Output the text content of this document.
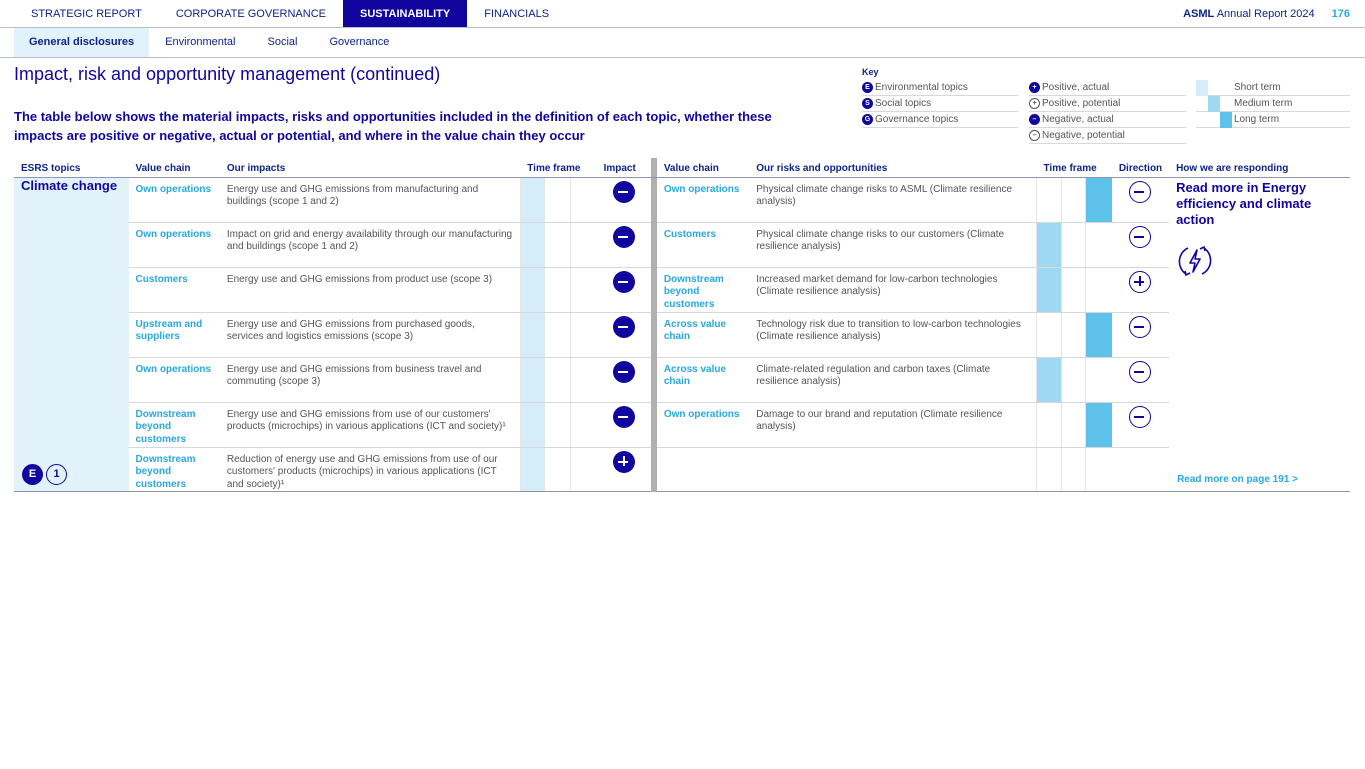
STRATEGIC REPORT	CORPORATE GOVERNANCE	SUSTAINABILITY	FINANCIALS	ASML Annual Report 2024 176
General disclosures	Environmental	Social	Governance
Impact, risk and opportunity management (continued)
The table below shows the material impacts, risks and opportunities included in the definition of each topic, whether these impacts are positive or negative, actual or potential, and where in the value chain they occur
Key
E Environmental topics
S Social topics
G Governance topics
+ Positive, actual
+ Positive, potential
– Negative, actual
– Negative, potential
Short term
Medium term
Long term
ESRS topics	Value chain	Our impacts	Time frame			Impact		Value chain	Our risks and opportunities	Time frame			Direction	How we are responding
Climate change
E 1	Own operations	Energy use and GHG emissions from manufacturing and buildings (scope 1 and 2)						Own operations	Physical climate change risks to ASML (Climate resilience analysis)					Read more in Energy efficiency and climate action
Read more on page 191 >

	Own operations	Impact on grid and energy availability through our manufacturing and buildings (scope 1 and 2)						Customers	Physical climate change risks to our customers (Climate resilience analysis)					
	Customers	Energy use and GHG emissions from product use (scope 3)						Downstream beyond customers	Increased market demand for low-carbon technologies (Climate resilience analysis)					
	Upstream and suppliers	Energy use and GHG emissions from purchased goods, services and logistics emissions (scope 3)						Across value chain	Technology risk due to transition to low-carbon technologies (Climate resilience analysis)					
	Own operations	Energy use and GHG emissions from business travel and commuting (scope 3)						Across value chain	Climate-related regulation and carbon taxes (Climate resilience analysis)					
	Downstream beyond customers	Energy use and GHG emissions from use of our customers' products (microchips) in various applications (ICT and society)¹						Own operations	Damage to our brand and reputation (Climate resilience analysis)					
	Downstream beyond customers	Reduction of energy use and GHG emissions from use of our customers' products (microchips) in various applications (ICT and society)¹												
